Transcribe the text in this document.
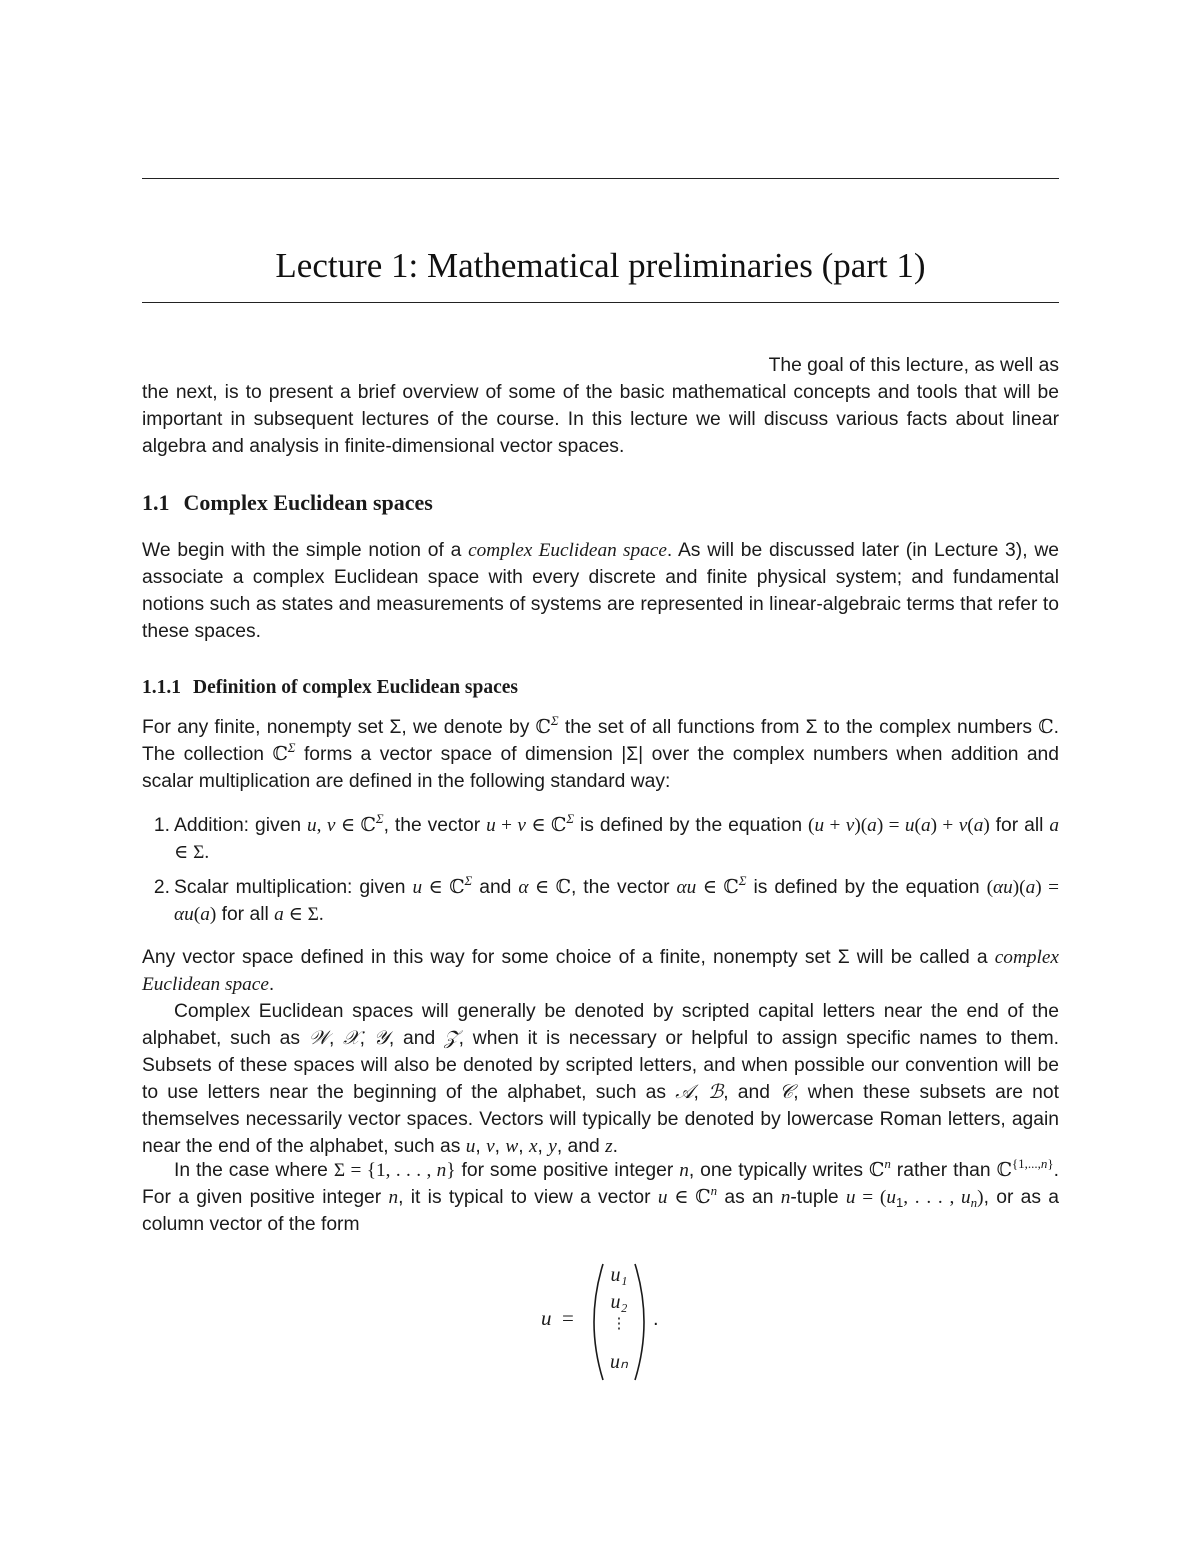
Lecture 1: Mathematical preliminaries (part 1)
The goal of this lecture, as well as
the next, is to present a brief overview of some of the basic mathematical concepts and tools that will be important in subsequent lectures of the course. In this lecture we will discuss various facts about linear algebra and analysis in finite-dimensional vector spaces.
1.1 Complex Euclidean spaces
We begin with the simple notion of a complex Euclidean space. As will be discussed later (in Lecture 3), we associate a complex Euclidean space with every discrete and finite physical system; and fundamental notions such as states and measurements of systems are represented in linear-algebraic terms that refer to these spaces.
1.1.1 Definition of complex Euclidean spaces
For any finite, nonempty set Σ, we denote by ℂ$^\Sigma$ the set of all functions from Σ to the complex numbers ℂ. The collection ℂ$^\Sigma$ forms a vector space of dimension |Σ| over the complex numbers when addition and scalar multiplication are defined in the following standard way:
1. Addition: given u, v ∈ ℂ$^\Sigma$, the vector u + v ∈ ℂ$^\Sigma$ is defined by the equation (u + v)(a) = u(a) + v(a) for all a ∈ Σ.
2. Scalar multiplication: given u ∈ ℂ$^\Sigma$ and α ∈ ℂ, the vector αu ∈ ℂ$^\Sigma$ is defined by the equation (αu)(a) = αu(a) for all a ∈ Σ.
Any vector space defined in this way for some choice of a finite, nonempty set Σ will be called a complex Euclidean space.
Complex Euclidean spaces will generally be denoted by scripted capital letters near the end of the alphabet, such as 𝒲, 𝒳, 𝒴, and 𝒵, when it is necessary or helpful to assign specific names to them. Subsets of these spaces will also be denoted by scripted letters, and when possible our convention will be to use letters near the beginning of the alphabet, such as 𝒜, ℬ, and 𝒞, when these subsets are not themselves necessarily vector spaces. Vectors will typically be denoted by lowercase Roman letters, again near the end of the alphabet, such as u, v, w, x, y, and z.
In the case where Σ = {1, . . . , n} for some positive integer n, one typically writes ℂ$^n$ rather than ℂ$^{\{1,...,n\}}$. For a given positive integer n, it is typical to view a vector u ∈ ℂ$^n$ as an n-tuple $u = (u_1$, . . . , $u_n$), or as a column vector of the form
u =
u₁
u₂
⋮
uₙ
.
